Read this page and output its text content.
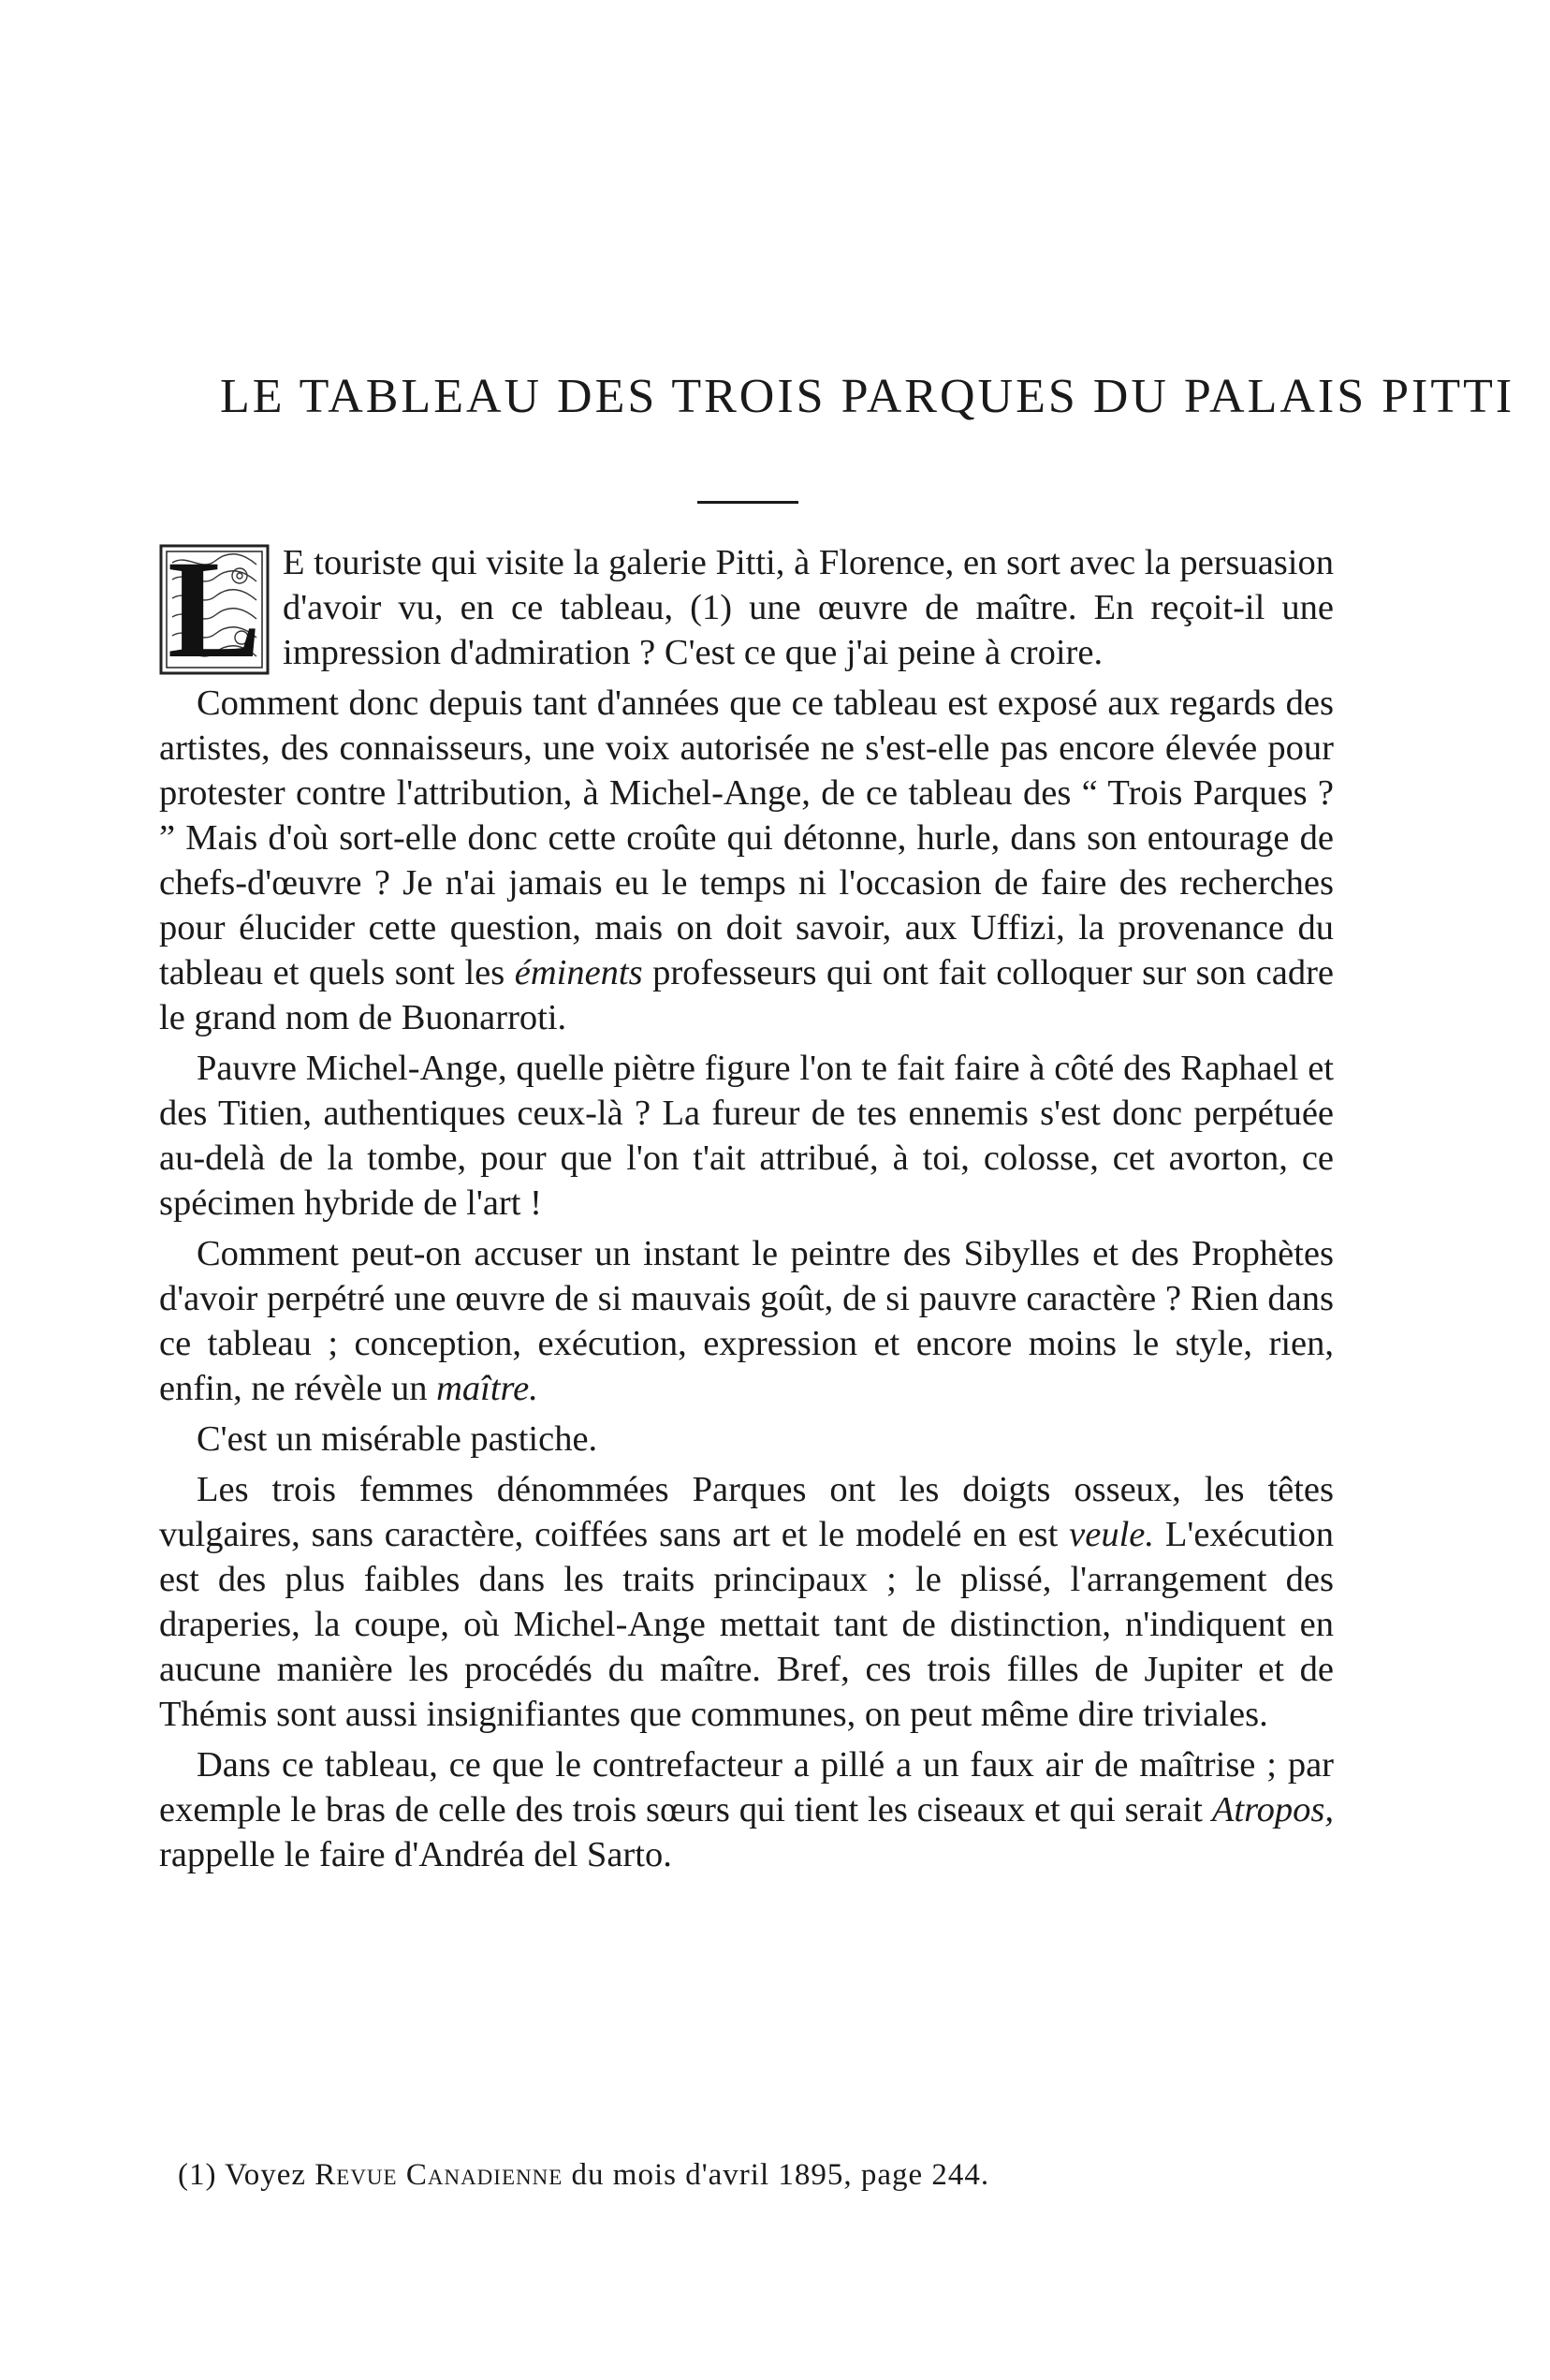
LE TABLEAU DES TROIS PARQUES DU PALAIS PITTI

L E touriste qui visite la galerie Pitti, à Florence, en sort avec la persuasion d'avoir vu, en ce tableau, (1) une œuvre de maître. En reçoit-il une impression d'admiration ? C'est ce que j'ai peine à croire.

Comment donc depuis tant d'années que ce tableau est exposé aux regards des artistes, des connaisseurs, une voix autorisée ne s'est-elle pas encore élevée pour protester contre l'attribution, à Michel-Ange, de ce tableau des “ Trois Parques ? ” Mais d'où sort-elle donc cette croûte qui détonne, hurle, dans son entourage de chefs-d'œuvre ? Je n'ai jamais eu le temps ni l'occasion de faire des recherches pour élucider cette question, mais on doit savoir, aux Uffizi, la provenance du tableau et quels sont les éminents professeurs qui ont fait colloquer sur son cadre le grand nom de Buonarroti.

Pauvre Michel-Ange, quelle piètre figure l'on te fait faire à côté des Raphael et des Titien, authentiques ceux-là ? La fureur de tes ennemis s'est donc perpétuée au-delà de la tombe, pour que l'on t'ait attribué, à toi, colosse, cet avorton, ce spécimen hybride de l'art !

Comment peut-on accuser un instant le peintre des Sibylles et des Prophètes d'avoir perpétré une œuvre de si mauvais goût, de si pauvre caractère ? Rien dans ce tableau ; conception, exécution, expression et encore moins le style, rien, enfin, ne révèle un maître.

C'est un misérable pastiche.

Les trois femmes dénommées Parques ont les doigts osseux, les têtes vulgaires, sans caractère, coiffées sans art et le modelé en est veule. L'exécution est des plus faibles dans les traits principaux ; le plissé, l'arrangement des draperies, la coupe, où Michel-Ange mettait tant de distinction, n'indiquent en aucune manière les procédés du maître. Bref, ces trois filles de Jupiter et de Thémis sont aussi insignifiantes que communes, on peut même dire triviales.

Dans ce tableau, ce que le contrefacteur a pillé a un faux air de maîtrise ; par exemple le bras de celle des trois sœurs qui tient les ciseaux et qui serait Atropos, rappelle le faire d'Andréa del Sarto.

(1) Voyez Revue Canadienne du mois d'avril 1895, page 244.
